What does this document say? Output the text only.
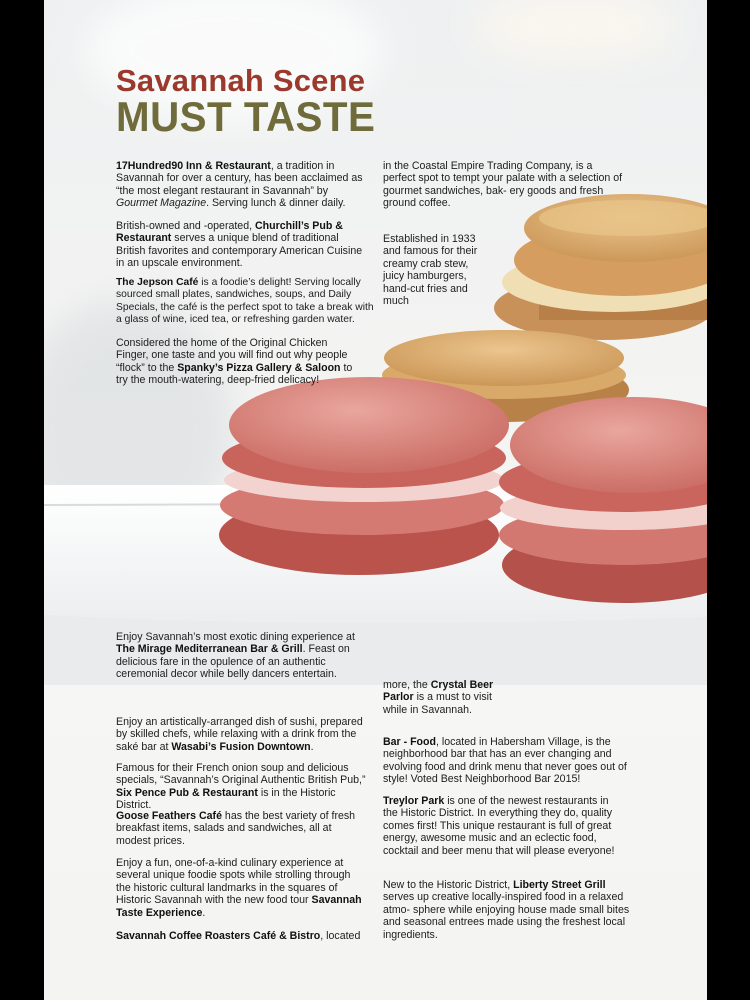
Savannah Scene
MUST TASTE

17Hundred90 Inn & Restaurant, a tradition in Savannah for over a century, has been acclaimed as “the most elegant restaurant in Savannah” by Gourmet Magazine. Serving lunch & dinner daily.

British-owned and -operated, Churchill’s Pub & Restaurant serves a unique blend of traditional British favorites and contemporary American Cuisine in an upscale environment.

The Jepson Café is a foodie’s delight! Serving locally sourced small plates, sandwiches, soups, and Daily Specials, the café is the perfect spot to take a break with a glass of wine, iced tea, or refreshing garden water.

Considered the home of the Original Chicken Finger, one taste and you will find out why people “flock” to the Spanky’s Pizza Gallery & Saloon to try the mouth-watering, deep-fried delicacy!

in the Coastal Empire Trading Company, is a perfect spot to tempt your palate with a selection of gourmet sandwiches, bak- ery goods and fresh ground coffee.

Established in 1933 and famous for their creamy crab stew, juicy hamburgers, hand-cut fries and much

Enjoy Savannah’s most exotic dining experience at The Mirage Mediterranean Bar & Grill. Feast on delicious fare in the opulence of an authentic ceremonial decor while belly dancers entertain.

Enjoy an artistically-arranged dish of sushi, prepared by skilled chefs, while relaxing with a drink from the saké bar at Wasabi’s Fusion Downtown.

Famous for their French onion soup and delicious specials, “Savannah’s Original Authentic British Pub,” Six Pence Pub & Restaurant is in the Historic District.

Goose Feathers Café has the best variety of fresh breakfast items, salads and sandwiches, all at modest prices.

Enjoy a fun, one-of-a-kind culinary experience at several unique foodie spots while strolling through the historic cultural landmarks in the squares of Historic Savannah with the new food tour Savannah Taste Experience.

Savannah Coffee Roasters Café & Bistro, located

more, the Crystal Beer Parlor is a must to visit while in Savannah.

Bar - Food, located in Habersham Village, is the neighborhood bar that has an ever changing and evolving food and drink menu that never goes out of style! Voted Best Neighborhood Bar 2015!

Treylor Park is one of the newest restaurants in the Historic District. In everything they do, quality comes first! This unique restaurant is full of great energy, awesome music and an eclectic food, cocktail and beer menu that will please everyone!

New to the Historic District, Liberty Street Grill serves up creative locally-inspired food in a relaxed atmo- sphere while enjoying house made small bites and seasonal entrees made using the freshest local ingredients.
